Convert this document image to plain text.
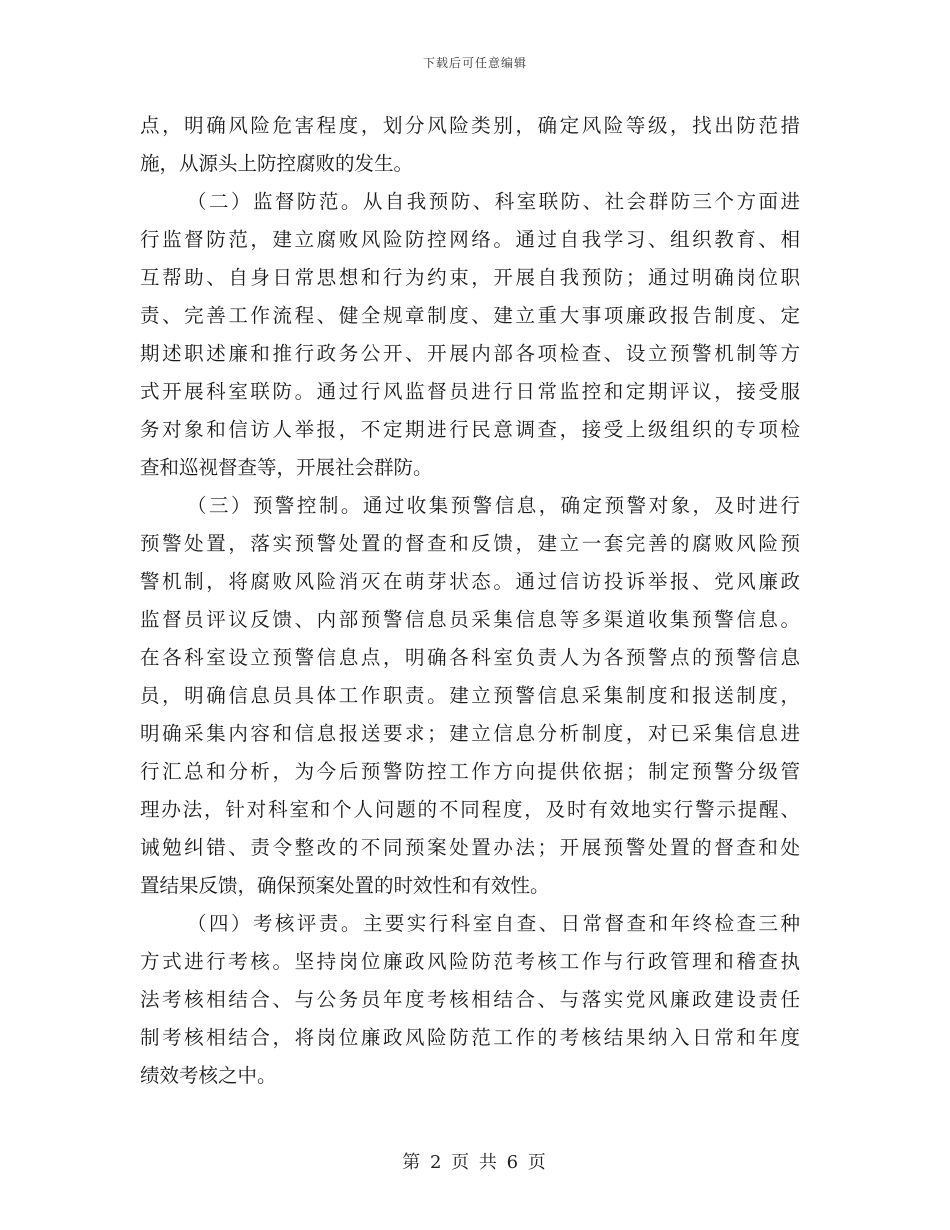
下载后可任意编辑
点，明确风险危害程度，划分风险类别，确定风险等级，找出防范措
施，从源头上防控腐败的发生。
（二）监督防范。从自我预防、科室联防、社会群防三个方面进
行监督防范，建立腐败风险防控网络。通过自我学习、组织教育、相
互帮助、自身日常思想和行为约束，开展自我预防；通过明确岗位职
责、完善工作流程、健全规章制度、建立重大事项廉政报告制度、定
期述职述廉和推行政务公开、开展内部各项检查、设立预警机制等方
式开展科室联防。通过行风监督员进行日常监控和定期评议，接受服
务对象和信访人举报，不定期进行民意调查，接受上级组织的专项检
查和巡视督查等，开展社会群防。
（三）预警控制。通过收集预警信息，确定预警对象，及时进行
预警处置，落实预警处置的督查和反馈，建立一套完善的腐败风险预
警机制，将腐败风险消灭在萌芽状态。通过信访投诉举报、党风廉政
监督员评议反馈、内部预警信息员采集信息等多渠道收集预警信息。
在各科室设立预警信息点，明确各科室负责人为各预警点的预警信息
员，明确信息员具体工作职责。建立预警信息采集制度和报送制度，
明确采集内容和信息报送要求；建立信息分析制度，对已采集信息进
行汇总和分析，为今后预警防控工作方向提供依据；制定预警分级管
理办法，针对科室和个人问题的不同程度，及时有效地实行警示提醒、
诫勉纠错、责令整改的不同预案处置办法；开展预警处置的督查和处
置结果反馈，确保预案处置的时效性和有效性。
（四）考核评责。主要实行科室自查、日常督查和年终检查三种
方式进行考核。坚持岗位廉政风险防范考核工作与行政管理和稽查执
法考核相结合、与公务员年度考核相结合、与落实党风廉政建设责任
制考核相结合，将岗位廉政风险防范工作的考核结果纳入日常和年度
绩效考核之中。
第 2 页 共 6 页
